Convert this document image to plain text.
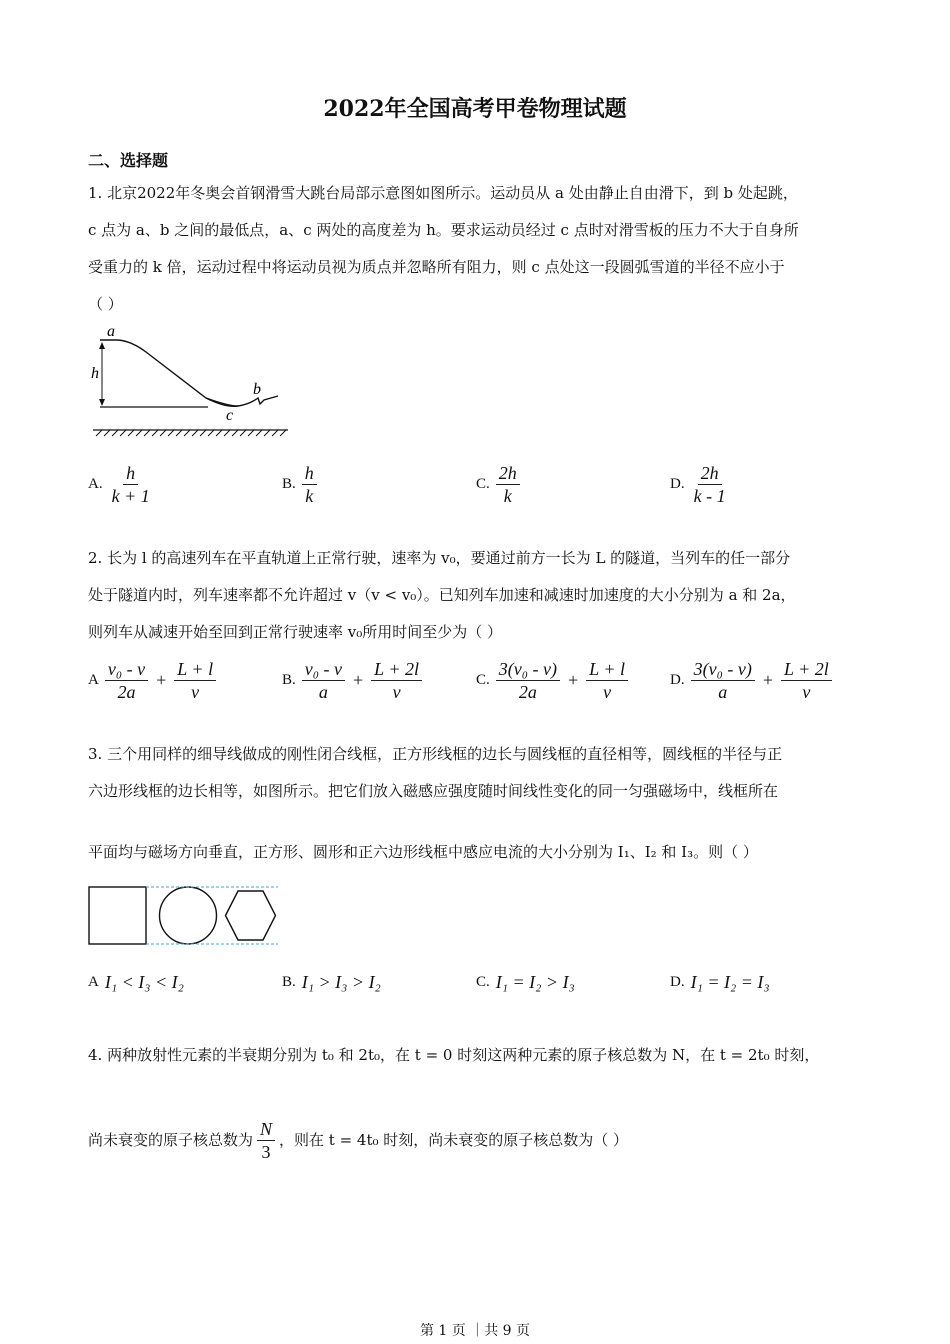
2022年全国高考甲卷物理试题
二、选择题
1. 北京2022年冬奥会首钢滑雪大跳台局部示意图如图所示。运动员从 a 处由静止自由滑下，到 b 处起跳，
c 点为 a、b 之间的最低点，a、c 两处的高度差为 h。要求运动员经过 c 点时对滑雪板的压力不大于自身所
受重力的 k 倍，运动过程中将运动员视为质点并忽略所有阻力，则 c 点处这一段圆弧雪道的半径不应小于
（ ）
a
h
b
c
A. $\frac{h}{k + 1}$	B. $\frac{h}{k}$	C. $\frac{2h}{k}$	D. $\frac{2h}{k - 1}$
2. 长为 l 的高速列车在平直轨道上正常行驶，速率为 v₀，要通过前方一长为 L 的隧道，当列车的任一部分
处于隧道内时，列车速率都不允许超过 v（v < v₀）。已知列车加速和减速时加速度的大小分别为 a 和 2a，
则列车从减速开始至回到正常行驶速率 v₀所用时间至少为（ ）
A $\frac{\text{v₀ - v}}{2a} + \frac{L + l}{v}$	B. $\frac{\text{v₀ - v}}{a} + \frac{L + 2l}{v}$	C. $\frac{\text{3(v₀ - v)}}{2a} + \frac{L + l}{v}$	D. $\frac{\text{3(v₀ - v)}}{a} + \frac{L + 2l}{v}$
3. 三个用同样的细导线做成的刚性闭合线框，正方形线框的边长与圆线框的直径相等，圆线框的半径与正
六边形线框的边长相等，如图所示。把它们放入磁感应强度随时间线性变化的同一匀强磁场中，线框所在
平面均与磁场方向垂直，正方形、圆形和正六边形线框中感应电流的大小分别为 I₁、I₂ 和 I₃。则（ ）
A I₁ < I₃ < I₂	B. I₁ > I₃ > I₂	C. I₁ = I₂ > I₃	D. I₁ = I₂ = I₃
4. 两种放射性元素的半衰期分别为 t₀ 和 2t₀，在 t = 0 时刻这两种元素的原子核总数为 N，在 t = 2t₀ 时刻，
尚未衰变的原子核总数为 $\frac{N}{3}$ ，则在 t = 4t₀ 时刻，尚未衰变的原子核总数为（ ）
第 1 页 ｜共 9 页
